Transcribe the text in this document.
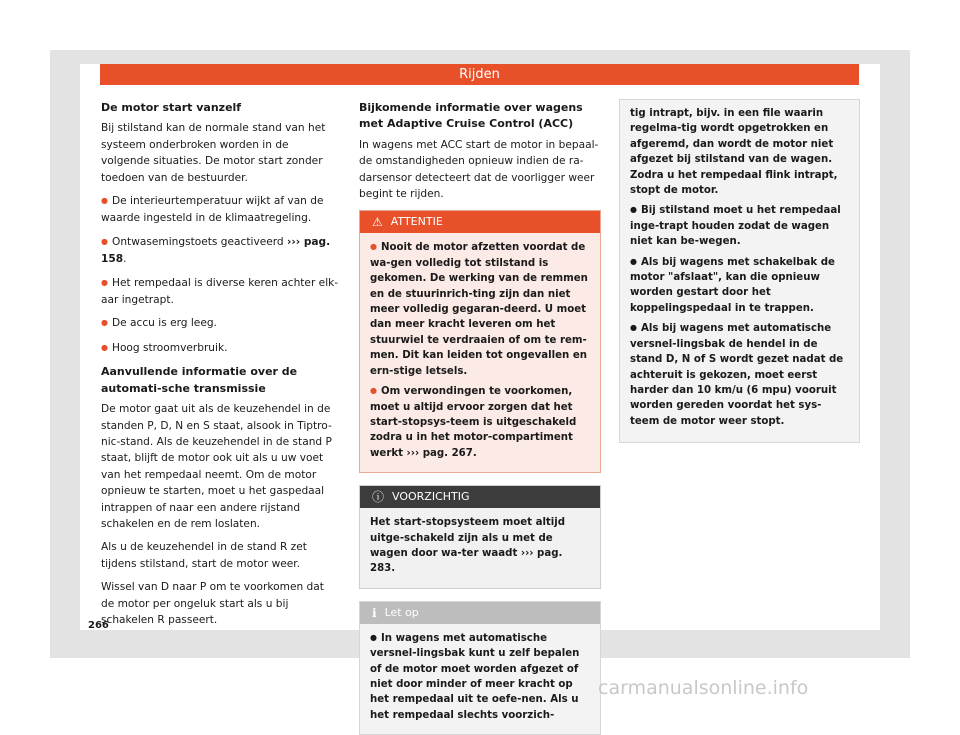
Rijden
De motor start vanzelf

Bij stilstand kan de normale stand van het systeem onderbroken worden in de volgende situaties. De motor start zonder toedoen van de bestuurder.

● De interieurtemperatuur wijkt af van de waarde ingesteld in de klimaatregeling.

● Ontwasemingstoets geactiveerd ››› pag. 158.

● Het rempedaal is diverse keren achter elk-aar ingetrapt.

● De accu is erg leeg.

● Hoog stroomverbruik.

Aanvullende informatie over de automati-sche transmissie

De motor gaat uit als de keuzehendel in de standen P, D, N en S staat, alsook in Tiptro-nic-stand. Als de keuzehendel in de stand P staat, blijft de motor ook uit als u uw voet van het rempedaal neemt. Om de motor opnieuw te starten, moet u het gaspedaal intrappen of naar een andere rijstand schakelen en de rem loslaten.

Als u de keuzehendel in de stand R zet tijdens stilstand, start de motor weer.

Wissel van D naar P om te voorkomen dat de motor per ongeluk start als u bij schakelen R passeert.

Bijkomende informatie over wagens met Adaptive Cruise Control (ACC)

In wagens met ACC start de motor in bepaal-de omstandigheden opnieuw indien de ra-darsensor detecteert dat de voorligger weer begint te rijden.

⚠ ATTENTIE

● Nooit de motor afzetten voordat de wa-gen volledig tot stilstand is gekomen. De werking van de remmen en de stuurinrich-ting zijn dan niet meer volledig gegaran-deerd. U moet dan meer kracht leveren om het stuurwiel te verdraaien of om te rem-men. Dit kan leiden tot ongevallen en ern-stige letsels.

● Om verwondingen te voorkomen, moet u altijd ervoor zorgen dat het start-stopsys-teem is uitgeschakeld zodra u in het motor-compartiment werkt ››› pag. 267.

ⓘ VOORZICHTIG

Het start-stopsysteem moet altijd uitge-schakeld zijn als u met de wagen door wa-ter waadt ››› pag. 283.

ℹ Let op

● In wagens met automatische versnel-lingsbak kunt u zelf bepalen of de motor moet worden afgezet of niet door minder of meer kracht op het rempedaal uit te oefe-nen. Als u het rempedaal slechts voorzich-

tig intrapt, bijv. in een file waarin regelma-tig wordt opgetrokken en afgeremd, dan wordt de motor niet afgezet bij stilstand van de wagen. Zodra u het rempedaal flink intrapt, stopt de motor.

● Bij stilstand moet u het rempedaal inge-trapt houden zodat de wagen niet kan be-wegen.

● Als bij wagens met schakelbak de motor "afslaat", kan die opnieuw worden gestart door het koppelingspedaal in te trappen.

● Als bij wagens met automatische versnel-lingsbak de hendel in de stand D, N of S wordt gezet nadat de achteruit is gekozen, moet eerst harder dan 10 km/u (6 mpu) vooruit worden gereden voordat het sys-teem de motor weer stopt.

266
carmanualsonline.info
